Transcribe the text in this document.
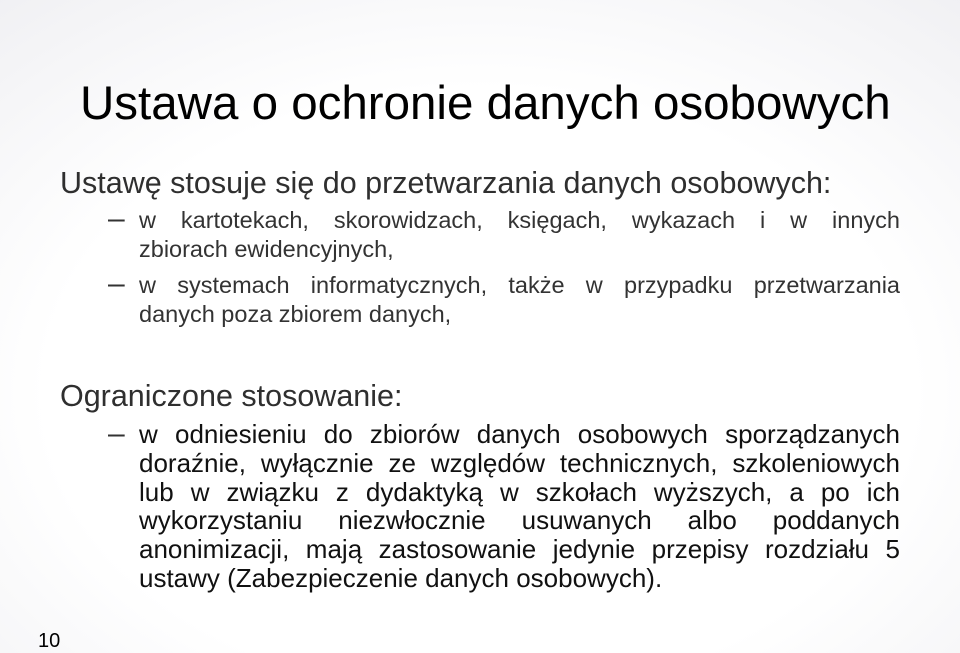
Ustawa o ochronie danych osobowych
Ustawę stosuje się do przetwarzania danych osobowych:
– w kartotekach, skorowidzach, księgach, wykazach i w innych
zbiorach ewidencyjnych,
– w systemach informatycznych, także w przypadku przetwarzania
danych poza zbiorem danych,
Ograniczone stosowanie:
– w odniesieniu do zbiorów danych osobowych sporządzanych
doraźnie, wyłącznie ze względów technicznych, szkoleniowych
lub w związku z dydaktyką w szkołach wyższych, a po ich
wykorzystaniu niezwłocznie usuwanych albo poddanych
anonimizacji, mają zastosowanie jedynie przepisy rozdziału 5
ustawy (Zabezpieczenie danych osobowych).
10
